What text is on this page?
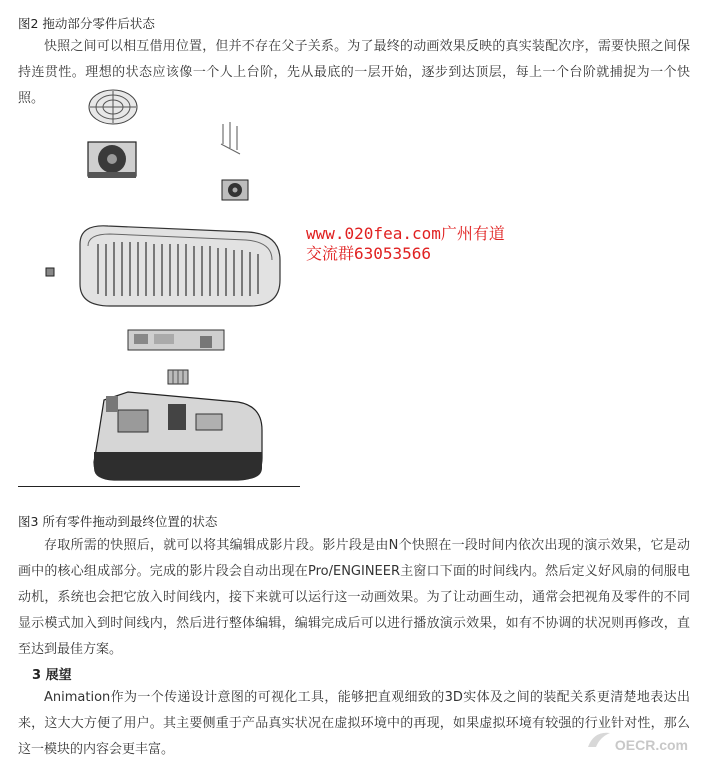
图2 拖动部分零件后状态
快照之间可以相互借用位置，但并不存在父子关系。为了最终的动画效果反映的真实装配次序，需要快照之间保持连贯性。理想的状态应该像一个人上台阶，先从最底的一层开始，逐步到达顶层，每上一个台阶就捕捉为一个快照。
www.020fea.com广州有道
交流群63053566
图3 所有零件拖动到最终位置的状态
存取所需的快照后，就可以将其编辑成影片段。影片段是由N个快照在一段时间内依次出现的演示效果，它是动画中的核心组成部分。完成的影片段会自动出现在Pro/ENGINEER主窗口下面的时间线内。然后定义好风扇的伺服电动机，系统也会把它放入时间线内，接下来就可以运行这一动画效果。为了让动画生动，通常会把视角及零件的不同显示模式加入到时间线内，然后进行整体编辑，编辑完成后可以进行播放演示效果，如有不协调的状况则再修改，直至达到最佳方案。
3 展望
Animation作为一个传递设计意图的可视化工具，能够把直观细致的3D实体及之间的装配关系更清楚地表达出来，这大大方便了用户。其主要侧重于产品真实状况在虚拟环境中的再现，如果虚拟环境有较强的行业针对性，那么这一模块的内容会更丰富。	OECR.com
